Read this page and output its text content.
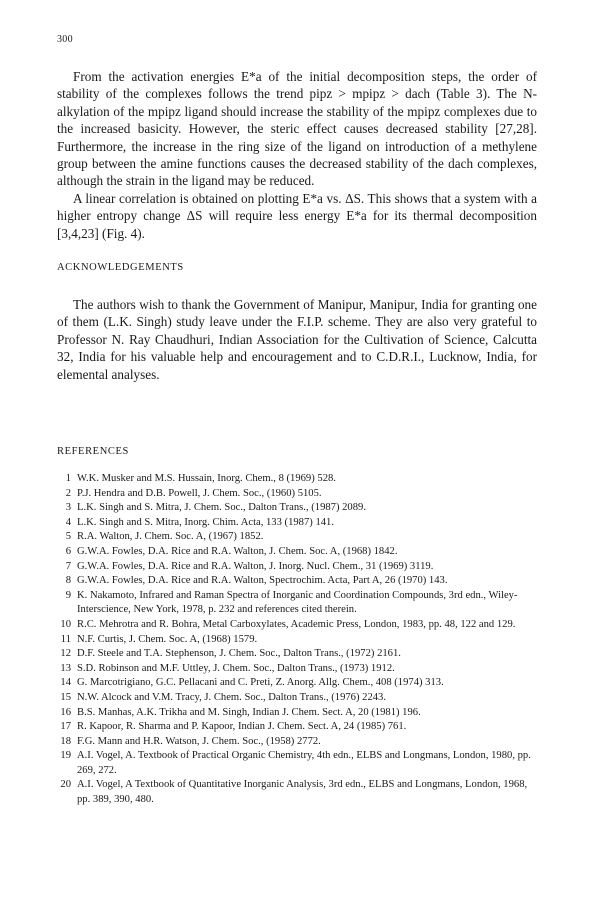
300

From the activation energies E*a of the initial decomposition steps, the order of stability of the complexes follows the trend pipz > mpipz > dach (Table 3). The N-alkylation of the mpipz ligand should increase the stability of the mpipz complexes due to the increased basicity. However, the steric effect causes decreased stability [27,28]. Furthermore, the increase in the ring size of the ligand on introduction of a methylene group between the amine functions causes the decreased stability of the dach complexes, although the strain in the ligand may be reduced.

A linear correlation is obtained on plotting E*a vs. ΔS. This shows that a system with a higher entropy change ΔS will require less energy E*a for its thermal decomposition [3,4,23] (Fig. 4).

ACKNOWLEDGEMENTS

The authors wish to thank the Government of Manipur, Manipur, India for granting one of them (L.K. Singh) study leave under the F.I.P. scheme. They are also very grateful to Professor N. Ray Chaudhuri, Indian Association for the Cultivation of Science, Calcutta 32, India for his valuable help and encouragement and to C.D.R.I., Lucknow, India, for elemental analyses.

REFERENCES
1 W.K. Musker and M.S. Hussain, Inorg. Chem., 8 (1969) 528.
2 P.J. Hendra and D.B. Powell, J. Chem. Soc., (1960) 5105.
3 L.K. Singh and S. Mitra, J. Chem. Soc., Dalton Trans., (1987) 2089.
4 L.K. Singh and S. Mitra, Inorg. Chim. Acta, 133 (1987) 141.
5 R.A. Walton, J. Chem. Soc. A, (1967) 1852.
6 G.W.A. Fowles, D.A. Rice and R.A. Walton, J. Chem. Soc. A, (1968) 1842.
7 G.W.A. Fowles, D.A. Rice and R.A. Walton, J. Inorg. Nucl. Chem., 31 (1969) 3119.
8 G.W.A. Fowles, D.A. Rice and R.A. Walton, Spectrochim. Acta, Part A, 26 (1970) 143.
9 K. Nakamoto, Infrared and Raman Spectra of Inorganic and Coordination Compounds, 3rd edn., Wiley-Interscience, New York, 1978, p. 232 and references cited therein.
10 R.C. Mehrotra and R. Bohra, Metal Carboxylates, Academic Press, London, 1983, pp. 48, 122 and 129.
11 N.F. Curtis, J. Chem. Soc. A, (1968) 1579.
12 D.F. Steele and T.A. Stephenson, J. Chem. Soc., Dalton Trans., (1972) 2161.
13 S.D. Robinson and M.F. Uttley, J. Chem. Soc., Dalton Trans., (1973) 1912.
14 G. Marcotrigiano, G.C. Pellacani and C. Preti, Z. Anorg. Allg. Chem., 408 (1974) 313.
15 N.W. Alcock and V.M. Tracy, J. Chem. Soc., Dalton Trans., (1976) 2243.
16 B.S. Manhas, A.K. Trikha and M. Singh, Indian J. Chem. Sect. A, 20 (1981) 196.
17 R. Kapoor, R. Sharma and P. Kapoor, Indian J. Chem. Sect. A, 24 (1985) 761.
18 F.G. Mann and H.R. Watson, J. Chem. Soc., (1958) 2772.
19 A.I. Vogel, A. Textbook of Practical Organic Chemistry, 4th edn., ELBS and Longmans, London, 1980, pp. 269, 272.
20 A.I. Vogel, A Textbook of Quantitative Inorganic Analysis, 3rd edn., ELBS and Longmans, London, 1968, pp. 389, 390, 480.
